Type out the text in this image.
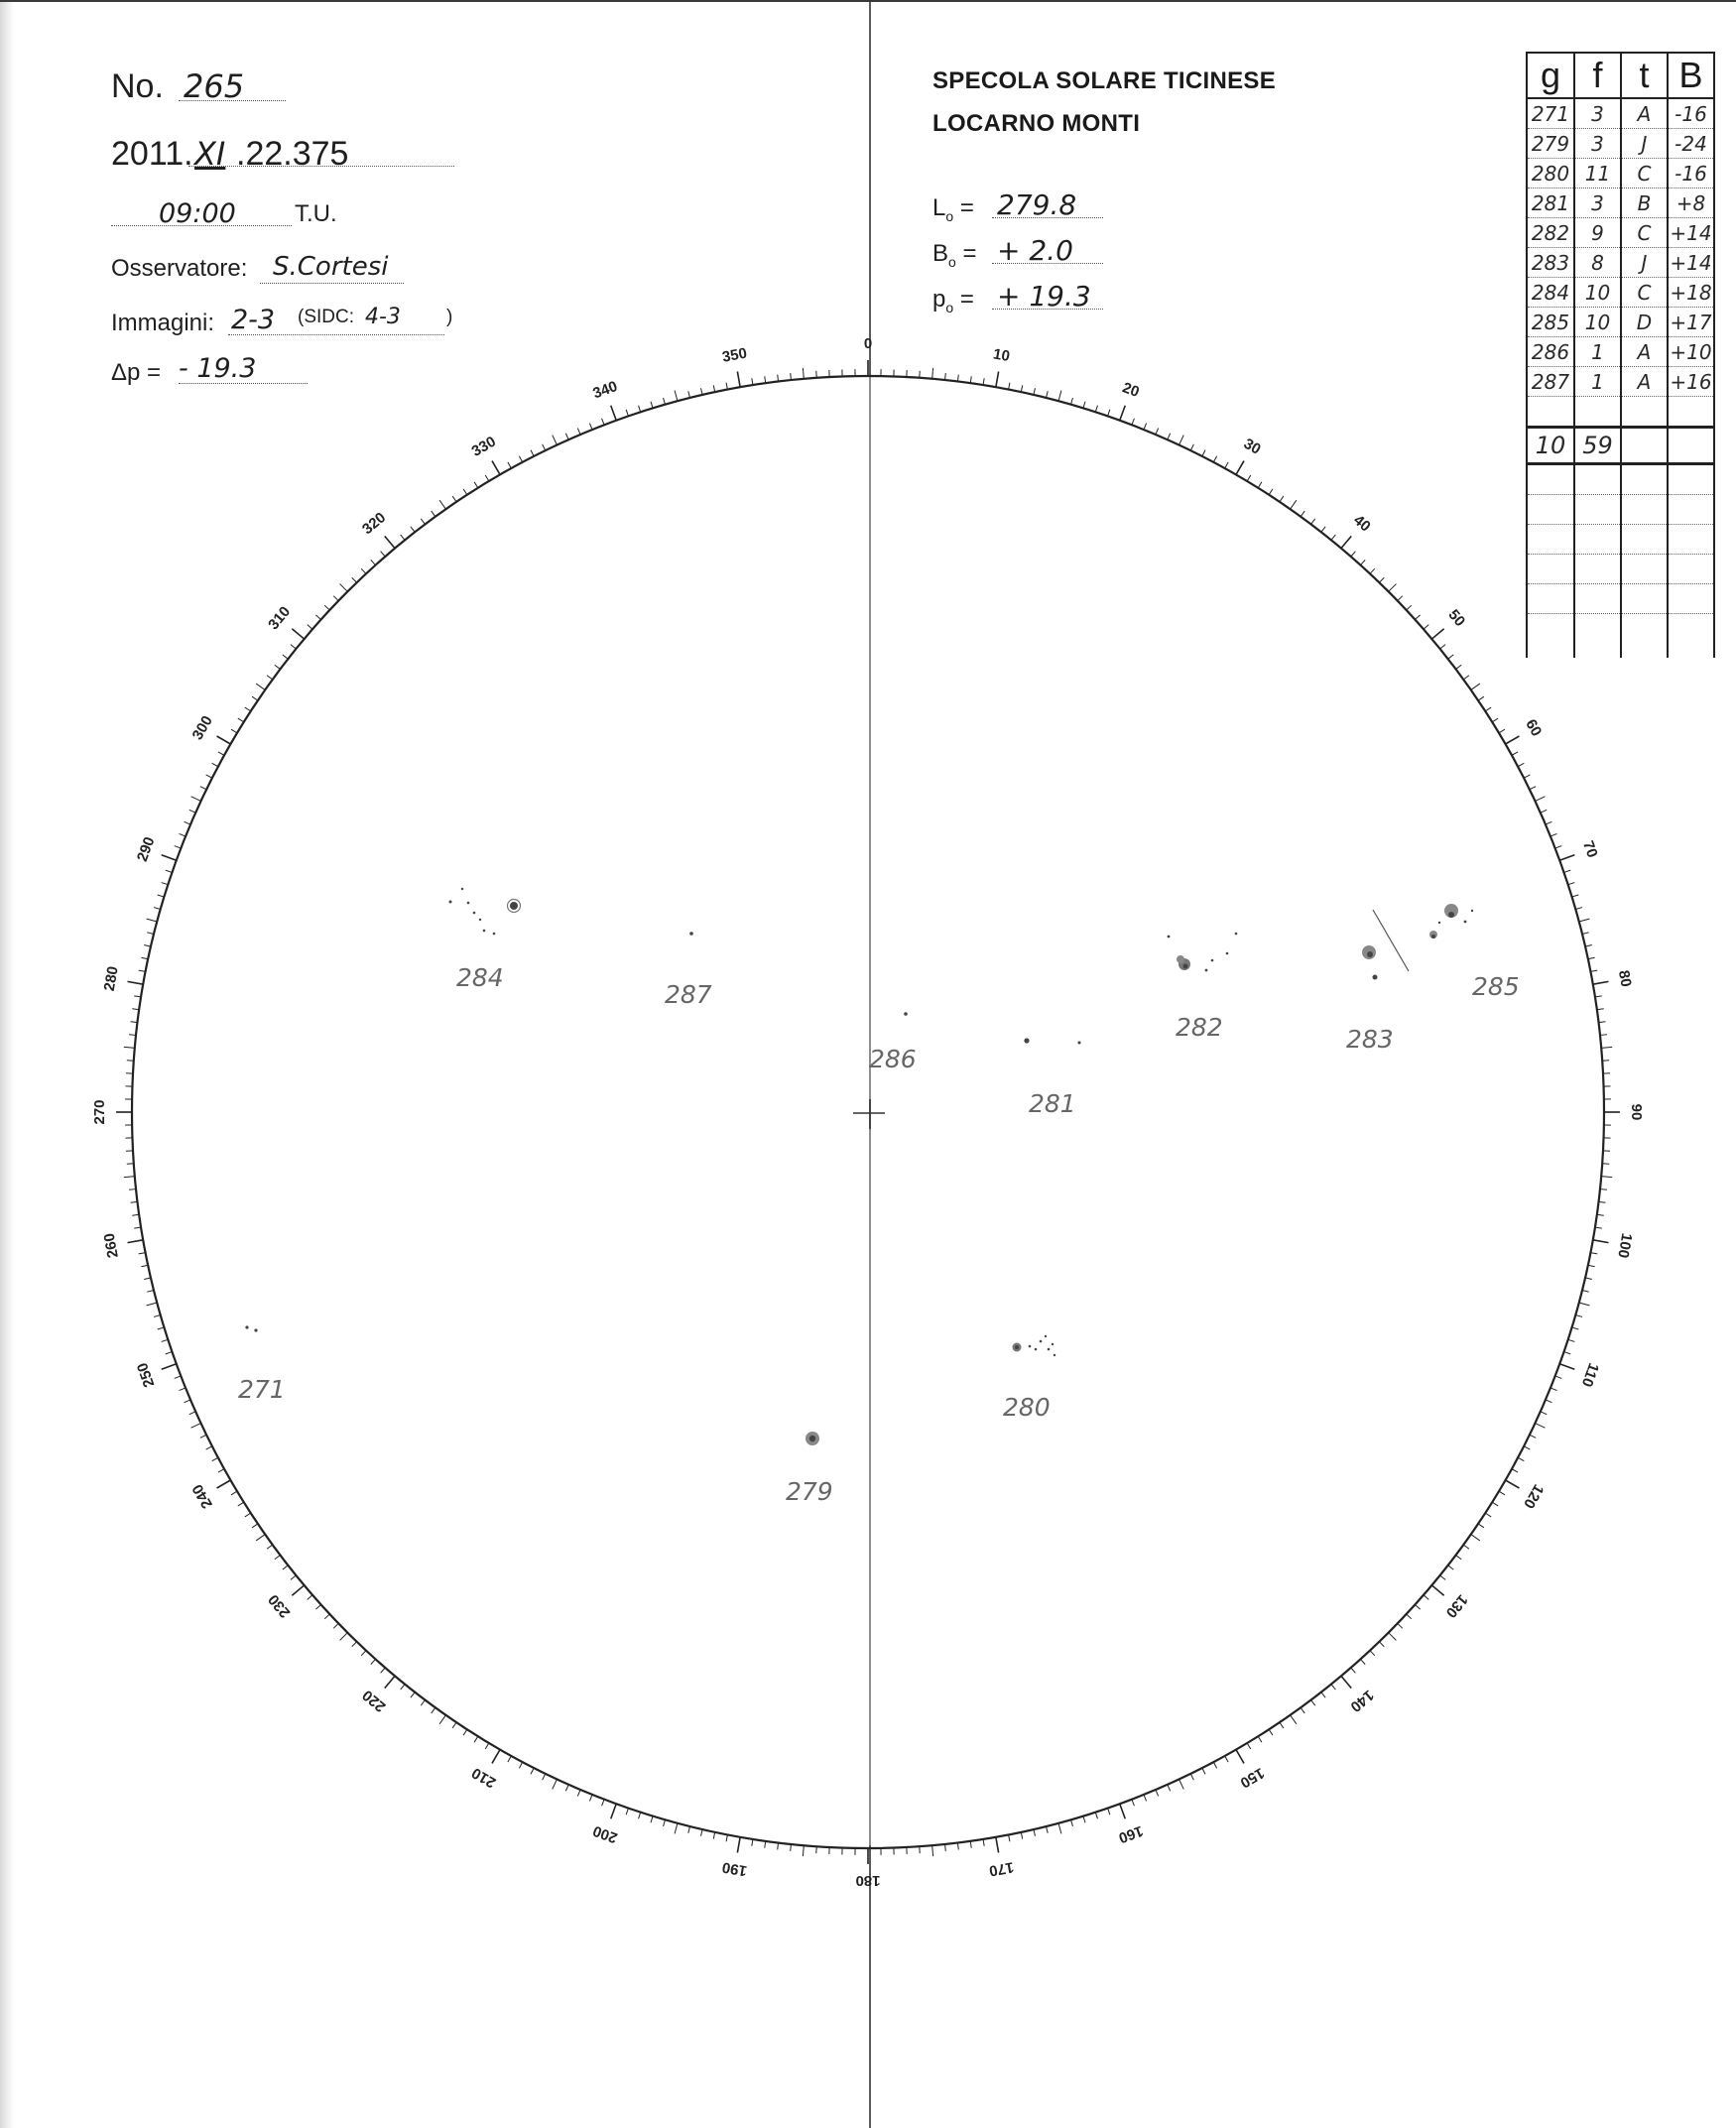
No. 265
2011. XI .22.375
09:00 T.U.
Osservatore: S.Cortesi
Immagini: 2-3 (SIDC: 4-3 )
Δp = - 19.3
SPECOLA SOLARE TICINESE
LOCARNO MONTI
$L_o = 279.8$
$B_o$ = + 2.0
$p_o$ = + 19.3
g	f	t	B
271	3	A	-16
279	3	J	-24
280	11	C	-16
281	3	B	+8
282	9	C	+14
283	8	J	+14
284	10	C	+18
285	10	D	+17
286	1	A	+10
287	1	A	+16

10	59		

0
10
20
30
40
50
60
70
80
90
100
110
120
130
140
150
160
170
180
190
200
210
220
230
240
250
260
270
280
290
300
310
320
330
340
350
284
287
286
281
282	283
285
271
279
280
